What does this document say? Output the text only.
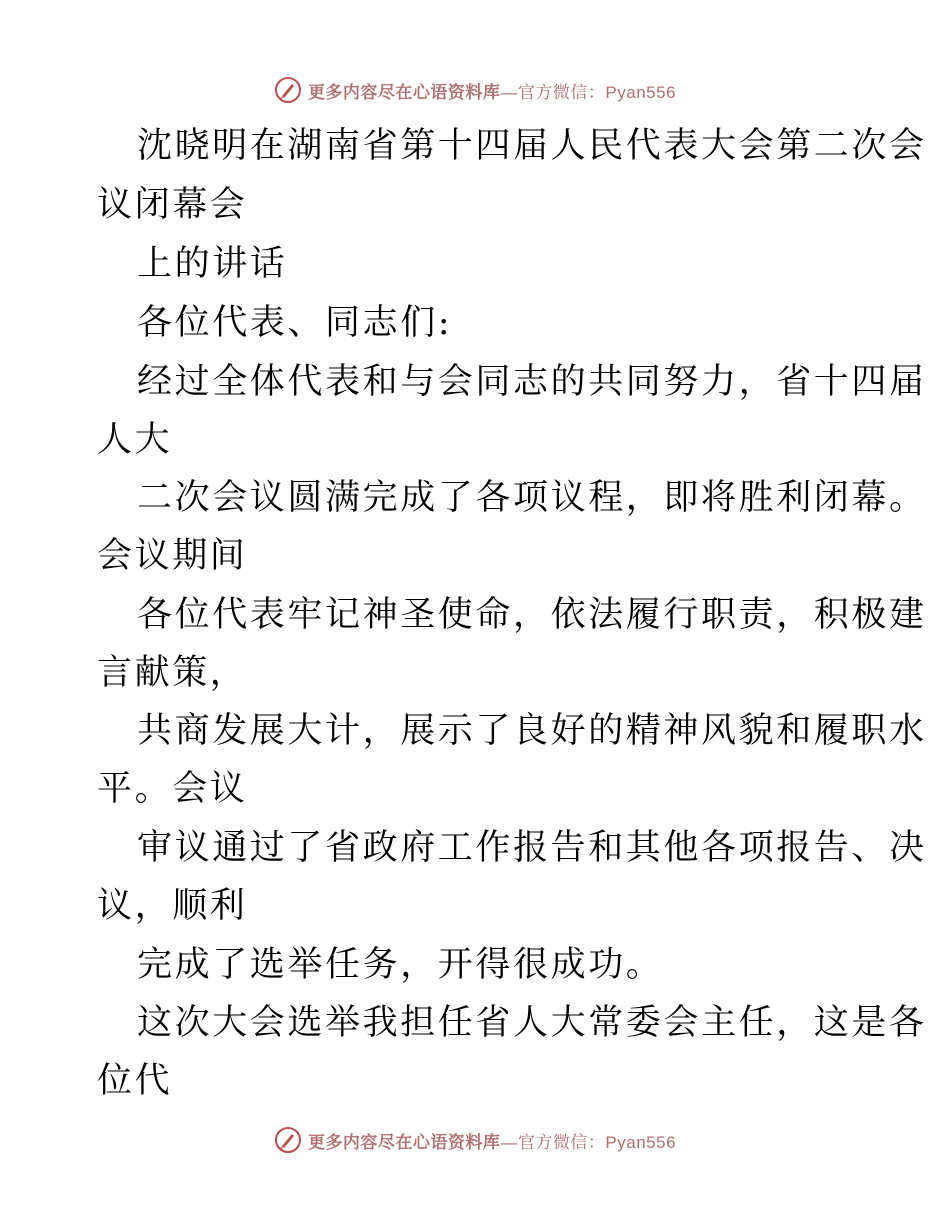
更多内容尽在心语资料库 —官方微信：Pyan556
沈晓明在湖南省第十四届人民代表大会第二次会
议闭幕会
上的讲话
各位代表、同志们:
经过全体代表和与会同志的共同努力，省十四届
人大
二次会议圆满完成了各项议程，即将胜利闭幕。
会议期间
各位代表牢记神圣使命，依法履行职责，积极建
言献策，
共商发展大计，展示了良好的精神风貌和履职水
平。会议
审议通过了省政府工作报告和其他各项报告、决
议，顺利
完成了选举任务，开得很成功。
这次大会选举我担任省人大常委会主任，这是各
位代
更多内容尽在心语资料库 —官方微信：Pyan556
